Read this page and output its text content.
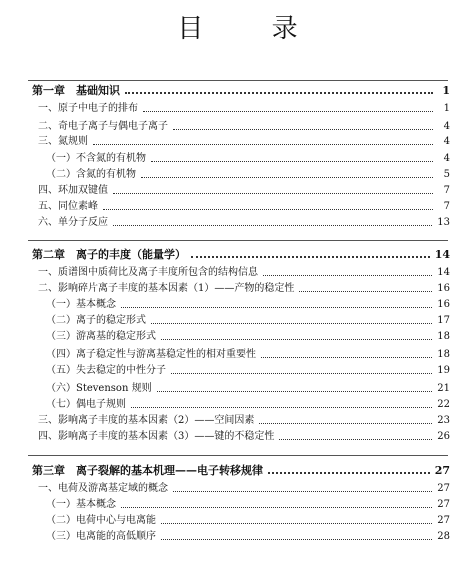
目 录
第一章　基础知识	1
一、原子中电子的排布	1
二、奇电子离子与偶电子离子	4
三、氮规则	4
（一）不含氮的有机物	4
（二）含氮的有机物	5
四、环加双键值	7
五、同位素峰	7
六、单分子反应	13
第二章　离子的丰度（能量学）	14
一、质谱图中质荷比及离子丰度所包含的结构信息	14
二、影响碎片离子丰度的基本因素（1）——产物的稳定性	16
（一）基本概念	16
（二）离子的稳定形式	17
（三）游离基的稳定形式	18
（四）离子稳定性与游离基稳定性的相对重要性	18
（五）失去稳定的中性分子	19
（六）Stevenson 规则	21
（七）偶电子规则	22
三、影响离子丰度的基本因素（2）——空间因素	23
四、影响离子丰度的基本因素（3）——键的不稳定性	26
第三章　离子裂解的基本机理——电子转移规律	27
一、电荷及游离基定域的概念	27
（一）基本概念	27
（二）电荷中心与电离能	27
（三）电离能的高低顺序	28
